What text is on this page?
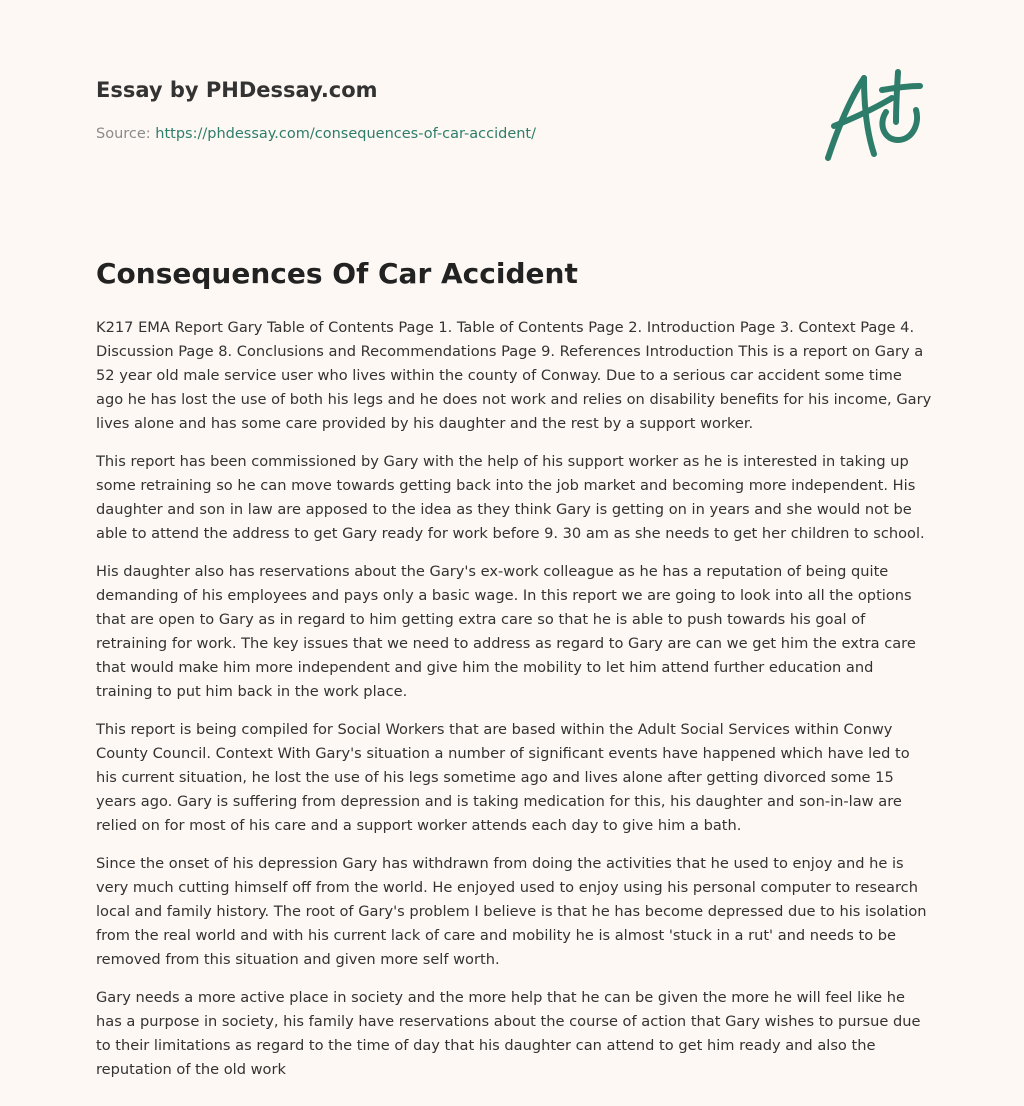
Essay by PHDessay.com
Source: https://phdessay.com/consequences-of-car-accident/
Consequences Of Car Accident

K217 EMA Report Gary Table of Contents Page 1. Table of Contents Page 2. Introduction Page 3. Context Page 4. Discussion Page 8. Conclusions and Recommendations Page 9. References Introduction This is a report on Gary a 52 year old male service user who lives within the county of Conway. Due to a serious car accident some time ago he has lost the use of both his legs and he does not work and relies on disability benefits for his income, Gary lives alone and has some care provided by his daughter and the rest by a support worker.

This report has been commissioned by Gary with the help of his support worker as he is interested in taking up some retraining so he can move towards getting back into the job market and becoming more independent. His daughter and son in law are apposed to the idea as they think Gary is getting on in years and she would not be able to attend the address to get Gary ready for work before 9. 30 am as she needs to get her children to school.

His daughter also has reservations about the Gary's ex-work colleague as he has a reputation of being quite demanding of his employees and pays only a basic wage. In this report we are going to look into all the options that are open to Gary as in regard to him getting extra care so that he is able to push towards his goal of retraining for work. The key issues that we need to address as regard to Gary are can we get him the extra care that would make him more independent and give him the mobility to let him attend further education and training to put him back in the work place.

This report is being compiled for Social Workers that are based within the Adult Social Services within Conwy County Council. Context With Gary's situation a number of significant events have happened which have led to his current situation, he lost the use of his legs sometime ago and lives alone after getting divorced some 15 years ago. Gary is suffering from depression and is taking medication for this, his daughter and son-in-law are relied on for most of his care and a support worker attends each day to give him a bath.

Since the onset of his depression Gary has withdrawn from doing the activities that he used to enjoy and he is very much cutting himself off from the world. He enjoyed used to enjoy using his personal computer to research local and family history. The root of Gary's problem I believe is that he has become depressed due to his isolation from the real world and with his current lack of care and mobility he is almost 'stuck in a rut' and needs to be removed from this situation and given more self worth.

Gary needs a more active place in society and the more help that he can be given the more he will feel like he has a purpose in society, his family have reservations about the course of action that Gary wishes to pursue due to their limitations as regard to the time of day that his daughter can attend to get him ready and also the reputation of the old work
